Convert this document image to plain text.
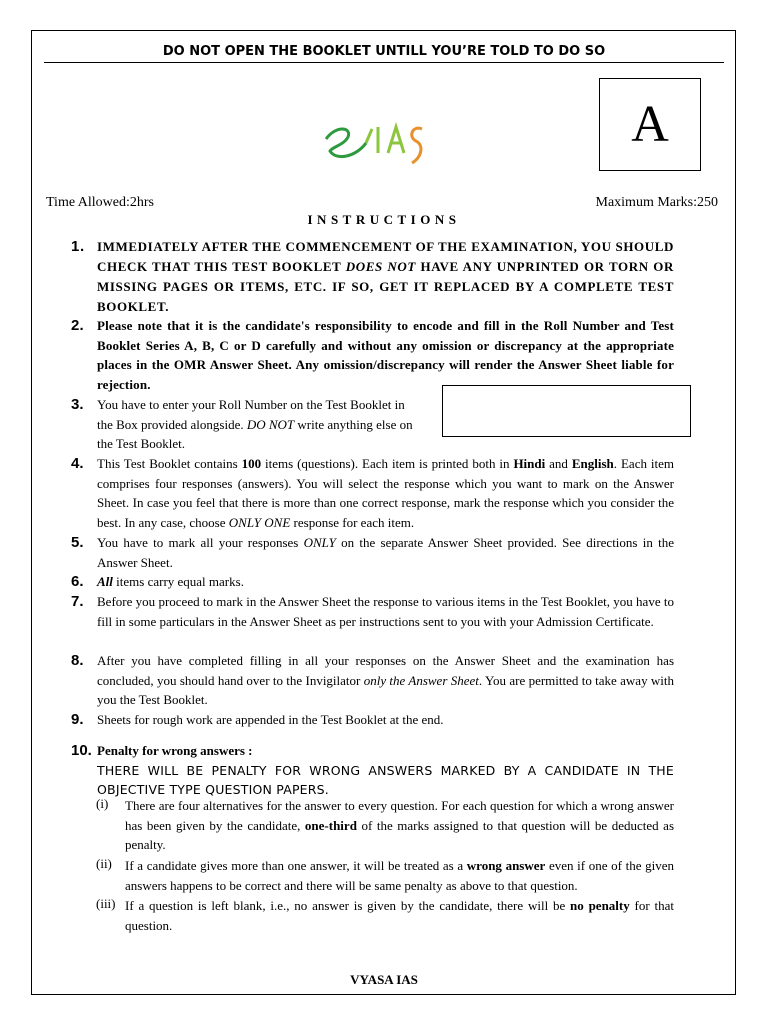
DO NOT OPEN THE BOOKLET UNTILL YOU’RE TOLD TO DO SO
A
Time Allowed:2hrs	Maximum Marks:250
INSTRUCTIONS
1. IMMEDIATELY AFTER THE COMMENCEMENT OF THE EXAMINATION, YOU SHOULD CHECK THAT THIS TEST BOOKLET DOES NOT HAVE ANY UNPRINTED OR TORN OR MISSING PAGES OR ITEMS, ETC. IF SO, GET IT REPLACED BY A COMPLETE TEST BOOKLET.
2. Please note that it is the candidate's responsibility to encode and fill in the Roll Number and Test Booklet Series A, B, C or D carefully and without any omission or discrepancy at the appropriate places in the OMR Answer Sheet. Any omission/discrepancy will render the Answer Sheet liable for rejection.
3. You have to enter your Roll Number on the Test Booklet in the Box provided alongside. DO NOT write anything else on the Test Booklet.
4. This Test Booklet contains 100 items (questions). Each item is printed both in Hindi and English. Each item comprises four responses (answers). You will select the response which you want to mark on the Answer Sheet. In case you feel that there is more than one correct response, mark the response which you consider the best. In any case, choose ONLY ONE response for each item.
5. You have to mark all your responses ONLY on the separate Answer Sheet provided. See directions in the Answer Sheet.
6. All items carry equal marks.
7. Before you proceed to mark in the Answer Sheet the response to various items in the Test Booklet, you have to fill in some particulars in the Answer Sheet as per instructions sent to you with your Admission Certificate.
8. After you have completed filling in all your responses on the Answer Sheet and the examination has concluded, you should hand over to the Invigilator only the Answer Sheet. You are permitted to take away with you the Test Booklet.
9. Sheets for rough work are appended in the Test Booklet at the end.
10. Penalty for wrong answers :
THERE WILL BE PENALTY FOR WRONG ANSWERS MARKED BY A CANDIDATE IN THE OBJECTIVE TYPE QUESTION PAPERS.
(i) There are four alternatives for the answer to every question. For each question for which a wrong answer has been given by the candidate, one-third of the marks assigned to that question will be deducted as penalty.
(ii) If a candidate gives more than one answer, it will be treated as a wrong answer even if one of the given answers happens to be correct and there will be same penalty as above to that question.
(iii) If a question is left blank, i.e., no answer is given by the candidate, there will be no penalty for that question.
VYASA IAS
